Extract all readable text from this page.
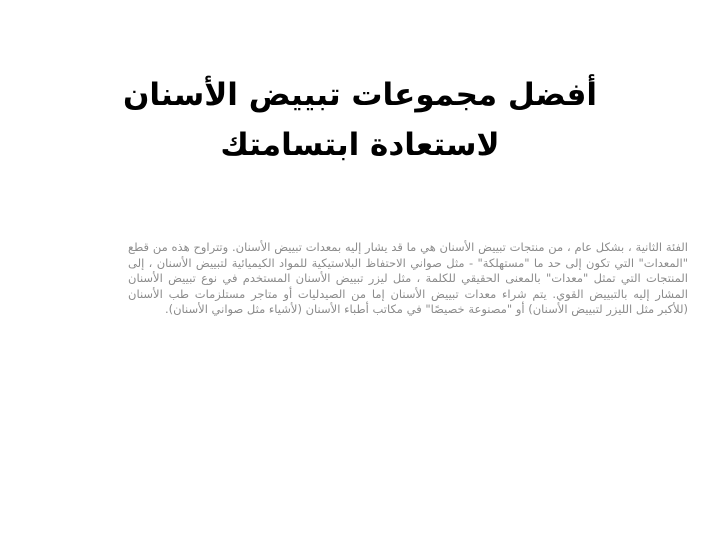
أفضل مجموعات تبييض الأسنان لاستعادة ابتسامتك

الفئة الثانية ، بشكل عام ، من منتجات تبييض الأسنان هي ما قد يشار إليه بمعدات تبييض الأسنان. وتتراوح هذه من قطع "المعدات" التي تكون إلى حد ما "مستهلكة" - مثل صواني الاحتفاظ البلاستيكية للمواد الكيميائية لتبييض الأسنان ، إلى المنتجات التي تمثل "معدات" بالمعنى الحقيقي للكلمة ، مثل ليزر تبييض الأسنان المستخدم في نوع تبييض الأسنان المشار إليه بالتبييض القوي. يتم شراء معدات تبييض الأسنان إما من الصيدليات أو متاجر مستلزمات طب الأسنان (للأكبر مثل الليزر لتبييض الأسنان) أو "مصنوعة خصيصًا" في مكاتب أطباء الأسنان (لأشياء مثل صواني الأسنان).
